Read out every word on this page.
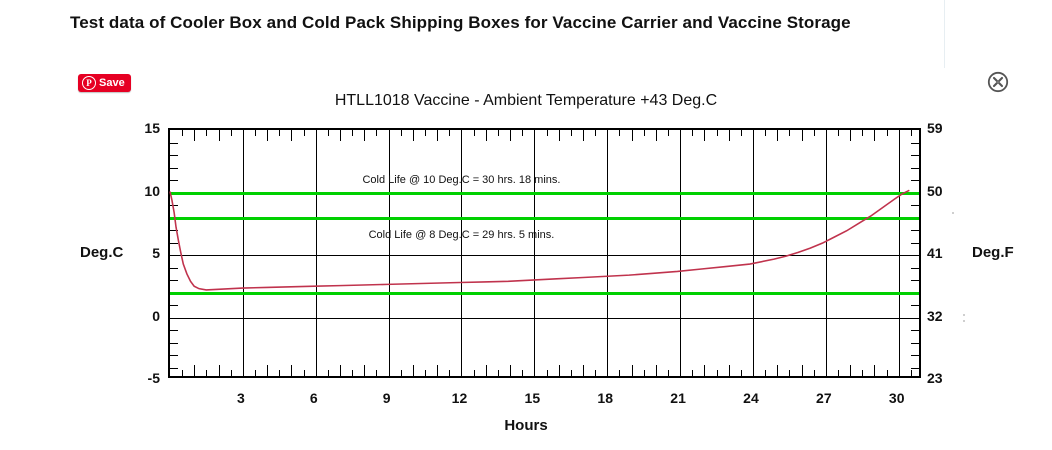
Test data of Cooler Box and Cold Pack Shipping Boxes for Vaccine Carrier and Vaccine Storage
P Save
HTLL1018 Vaccine - Ambient Temperature +43 Deg.C
Deg.C	Deg.F
Hours
-5
0
5
10
15
23
32
41
50
59
3	6	9	12	15	18	21	24	27	30
Cold Life @ 10 Deg.C = 30 hrs. 18 mins.
Cold Life @ 8 Deg.C = 29 hrs. 5 mins.
